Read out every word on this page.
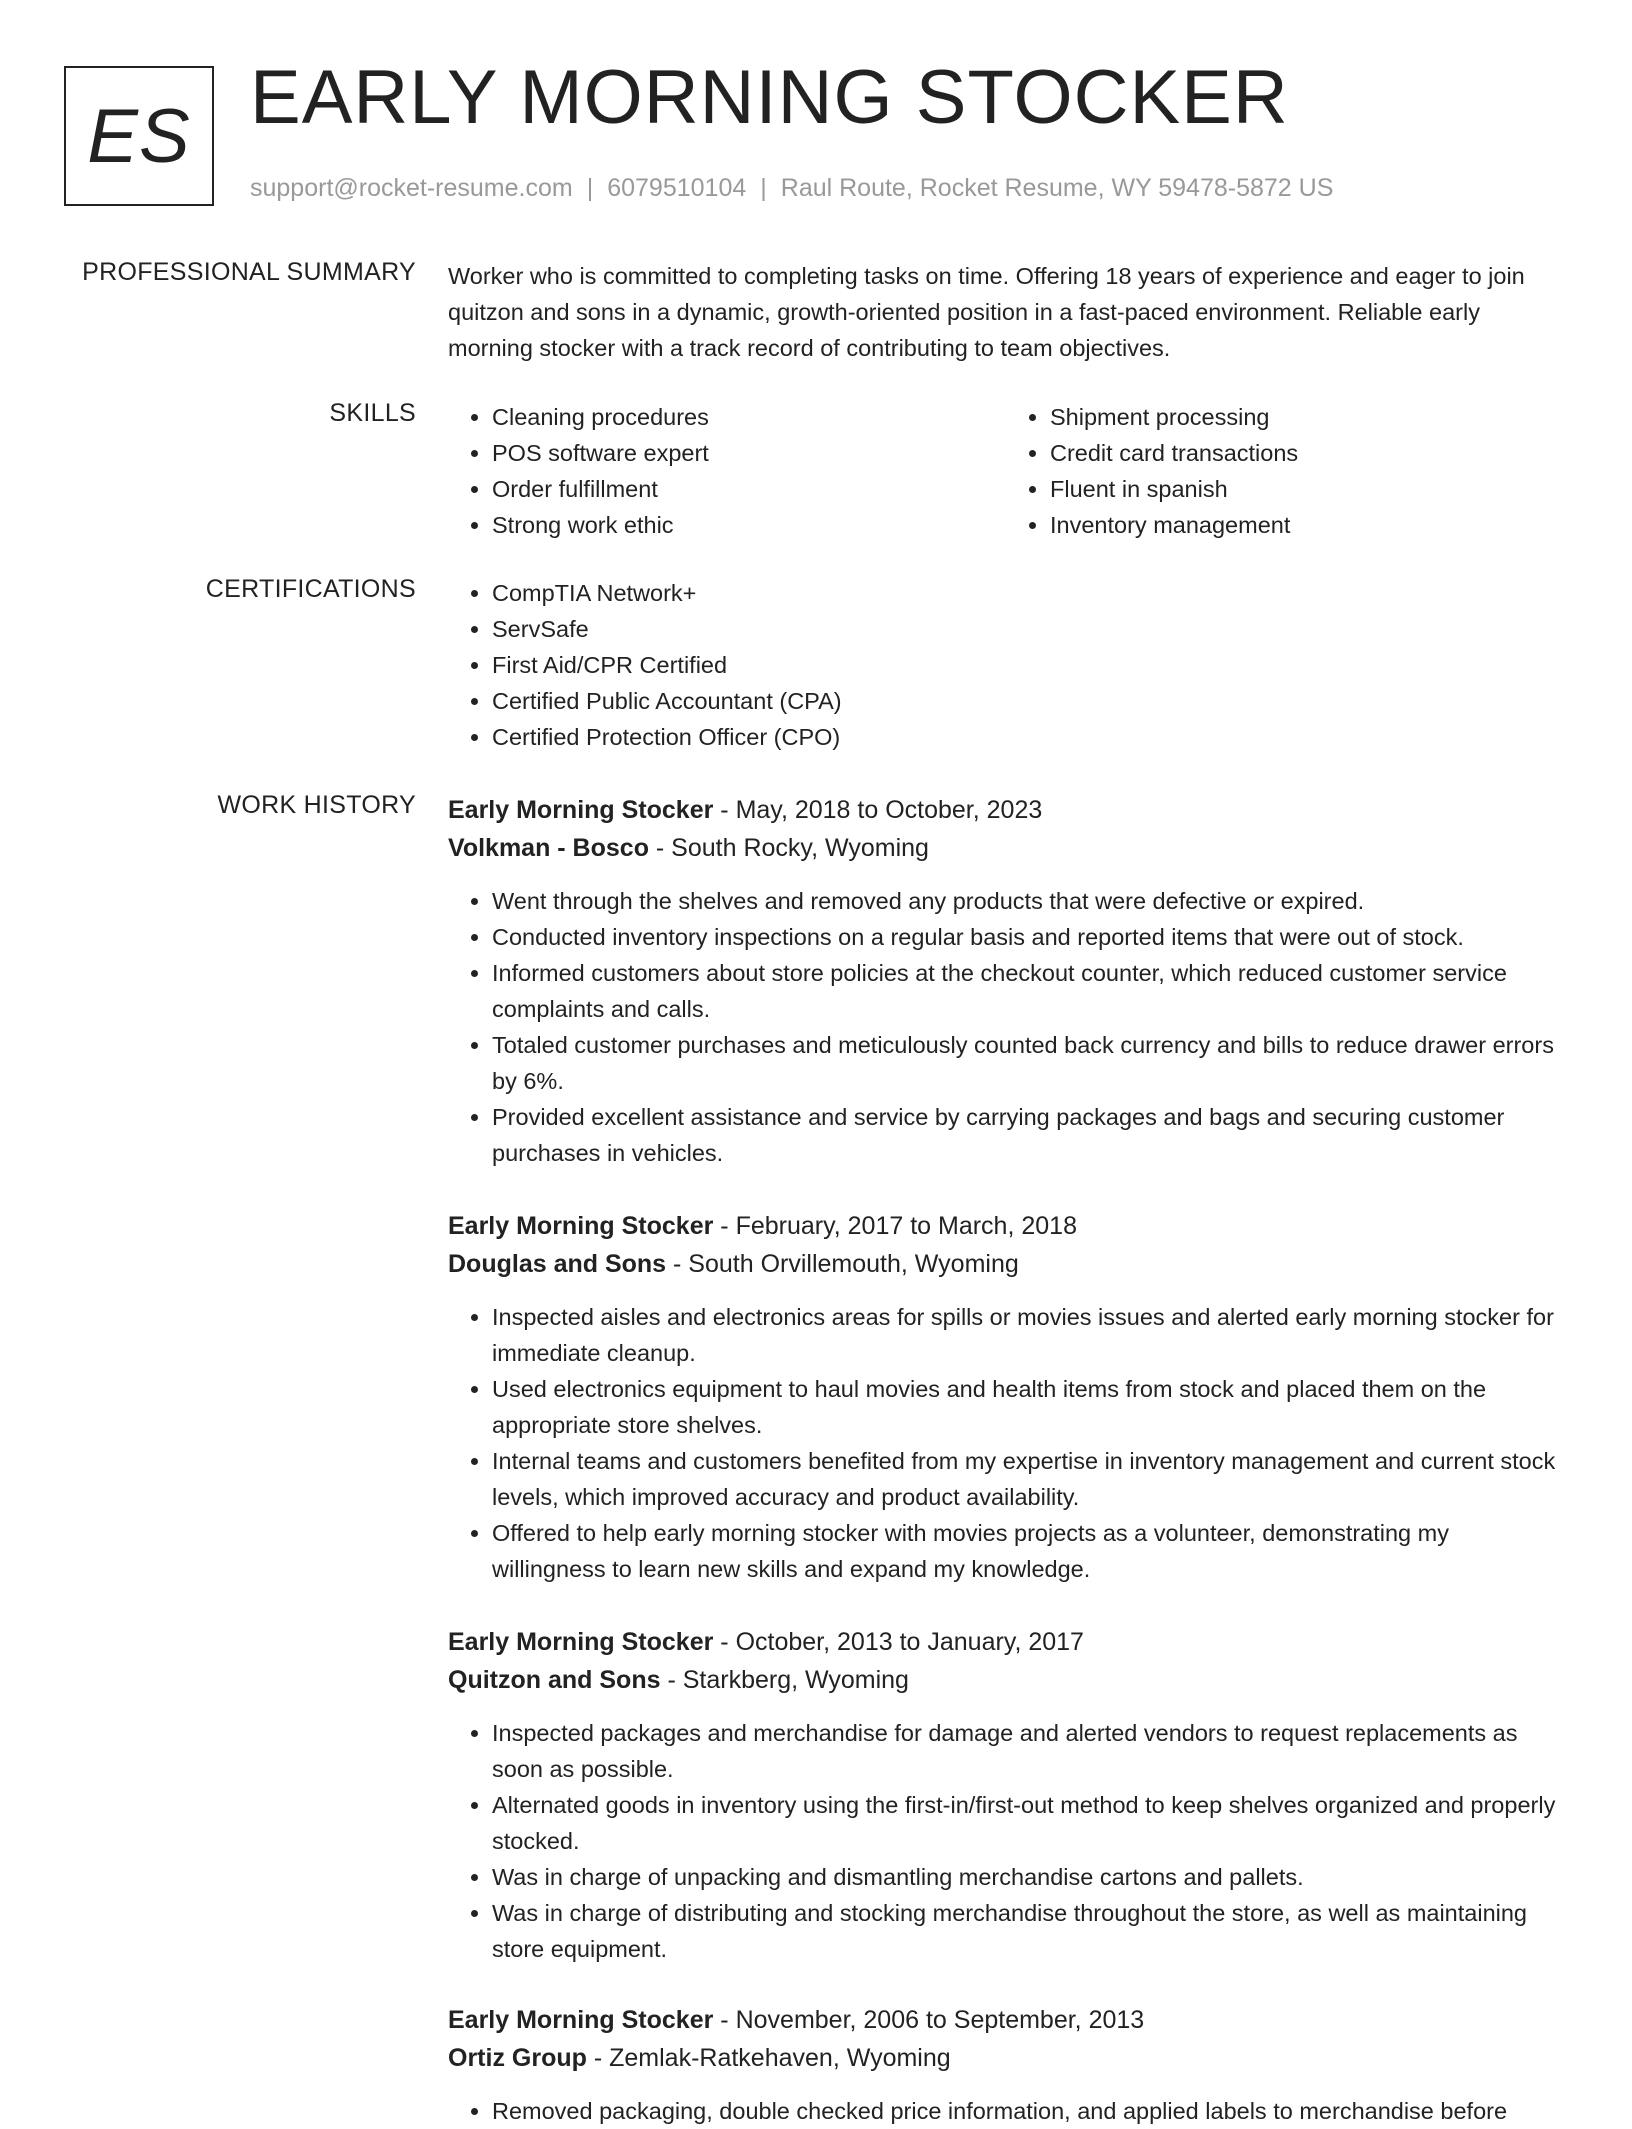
ES EARLY MORNING STOCKER
support@rocket-resume.com | 6079510104 | Raul Route, Rocket Resume, WY 59478-5872 US
PROFESSIONAL SUMMARY Worker who is committed to completing tasks on time. Offering 18 years of experience and eager to join quitzon and sons in a dynamic, growth-oriented position in a fast-paced environment. Reliable early morning stocker with a track record of contributing to team objectives.

SKILLS	• Cleaning procedures
• POS software expert
• Order fulfillment
• Strong work ethic
• Shipment processing
• Credit card transactions
• Fluent in spanish
• Inventory management
CERTIFICATIONS	• CompTIA Network+
• ServSafe
• First Aid/CPR Certified
• Certified Public Accountant (CPA)
• Certified Protection Officer (CPO)
WORK HISTORY Early Morning Stocker - May, 2018 to October, 2023
Volkman - Bosco - South Rocky, Wyoming
• Went through the shelves and removed any products that were defective or expired.
• Conducted inventory inspections on a regular basis and reported items that were out of stock.
• Informed customers about store policies at the checkout counter, which reduced customer service complaints and calls.
• Totaled customer purchases and meticulously counted back currency and bills to reduce drawer errors by 6%.
• Provided excellent assistance and service by carrying packages and bags and securing customer purchases in vehicles.
Early Morning Stocker - February, 2017 to March, 2018
Douglas and Sons - South Orvillemouth, Wyoming
• Inspected aisles and electronics areas for spills or movies issues and alerted early morning stocker for immediate cleanup.
• Used electronics equipment to haul movies and health items from stock and placed them on the appropriate store shelves.
• Internal teams and customers benefited from my expertise in inventory management and current stock levels, which improved accuracy and product availability.
• Offered to help early morning stocker with movies projects as a volunteer, demonstrating my willingness to learn new skills and expand my knowledge.
Early Morning Stocker - October, 2013 to January, 2017
Quitzon and Sons - Starkberg, Wyoming
• Inspected packages and merchandise for damage and alerted vendors to request replacements as soon as possible.
• Alternated goods in inventory using the first-in/first-out method to keep shelves organized and properly stocked.
• Was in charge of unpacking and dismantling merchandise cartons and pallets.
• Was in charge of distributing and stocking merchandise throughout the store, as well as maintaining store equipment.
Early Morning Stocker - November, 2006 to September, 2013
Ortiz Group - Zemlak-Ratkehaven, Wyoming
• Removed packaging, double checked price information, and applied labels to merchandise before
